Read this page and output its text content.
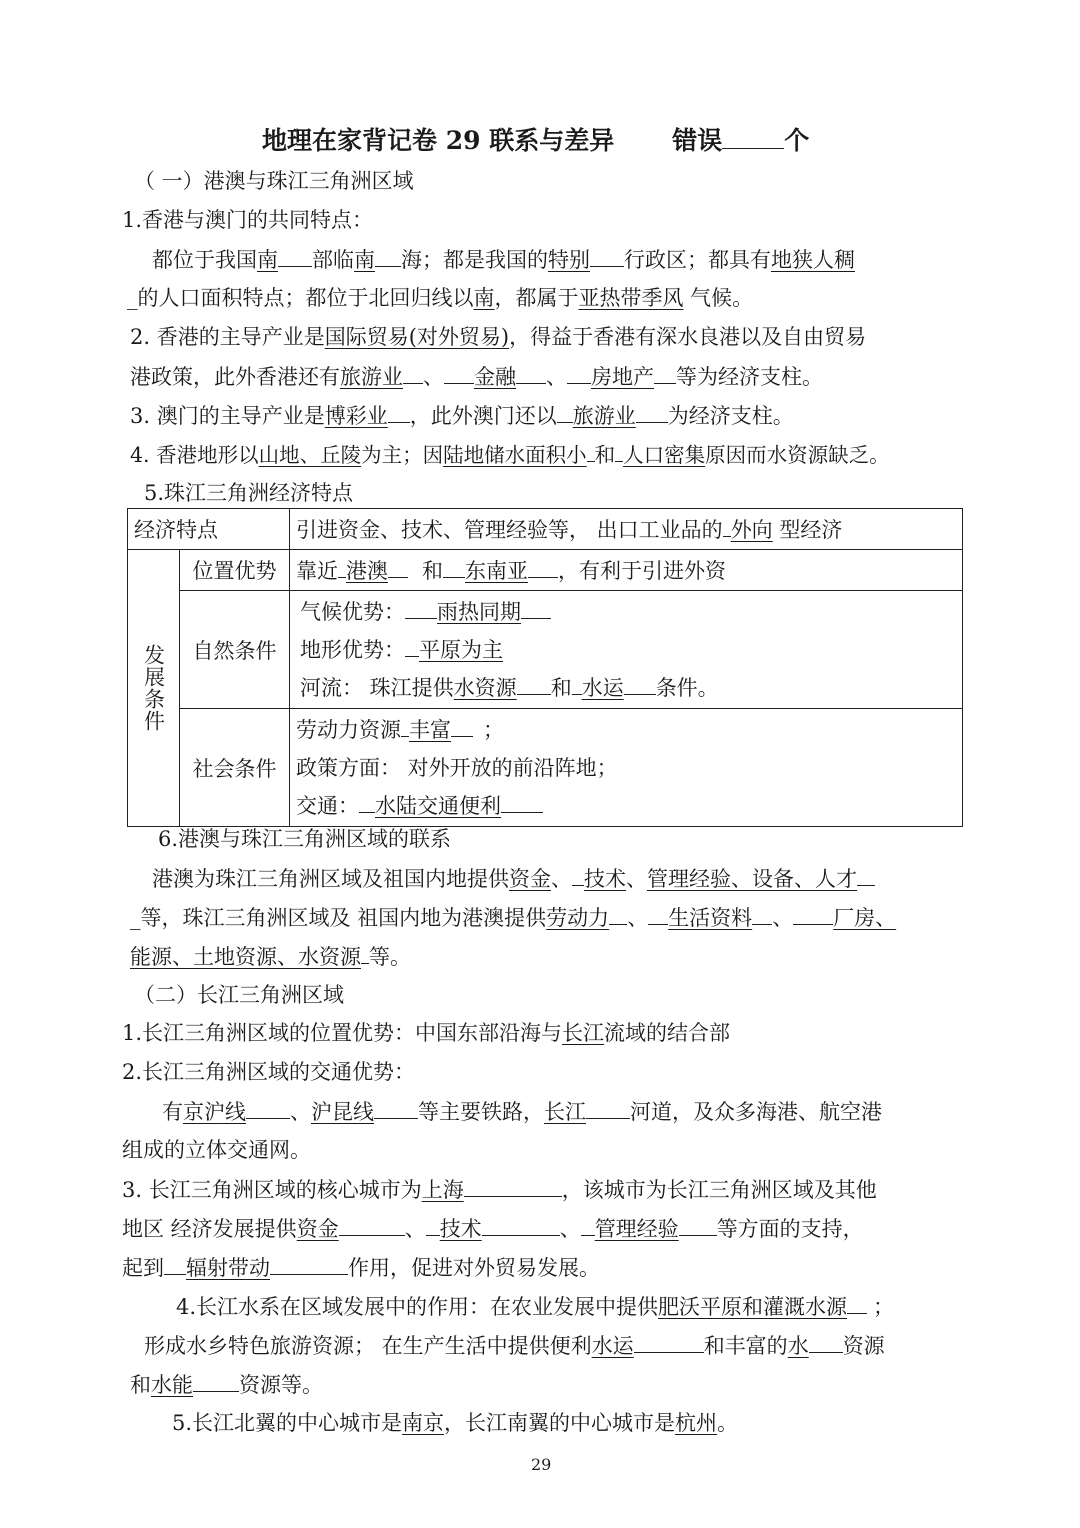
地理在家背记卷 29 联系与差异 错误 个
（ 一）港澳与珠江三角洲区域
1.香港与澳门的共同特点：
都位于我国南 部临南 海；都是我国的特别 行政区；都具有地狭人稠
_的人口面积特点；都位于北回归线以南，都属于亚热带季风 气候。
2. 香港的主导产业是国际贸易(对外贸易)，得益于香港有深水良港以及自由贸易
港政策，此外香港还有旅游业 、 金融 、 房地产 等为经济支柱。
3. 澳门的主导产业是博彩业 ，此外澳门还以 旅游业 为经济支柱。
4. 香港地形以山地、丘陵为主；因陆地储水面积小 和 人口密集原因而水资源缺乏。
5.珠江三角洲经济特点
经济特点		引进资金、技术、管理经验等， 出口工业品的 外向 型经济

发展条件	位置优势	靠近 港澳 和 东南亚 ，有利于引进外资
	自然条件	气候优势： 雨热同期
地形优势： 平原为主
河流： 珠江提供水资源 和 水运 条件。

	社会条件	劳动力资源 丰富 ；
政策方面： 对外开放的前沿阵地；
交通： 水陆交通便利
6.港澳与珠江三角洲区域的联系
港澳为珠江三角洲区域及祖国内地提供资金、 技术、管理经验、设备、人才
_等，珠江三角洲区域及 祖国内地为港澳提供劳动力 、 生活资料 、 厂房、
能源、土地资源、水资源 等。
（二）长江三角洲区域
1.长江三角洲区域的位置优势：中国东部沿海与长江流域的结合部
2.长江三角洲区域的交通优势：
有京沪线 、沪昆线 等主要铁路，长江 河道，及众多海港、航空港
组成的立体交通网。
3. 长江三角洲区域的核心城市为上海	，该城市为长江三角洲区域及其他
地区 经济发展提供资金	、 技术	、 管理经验 等方面的支持，
起到 辐射带动	作用，促进对外贸易发展。
4.长江水系在区域发展中的作用：在农业发展中提供肥沃平原和灌溉水源 ；
形成水乡特色旅游资源； 在生产生活中提供便利水运	和丰富的水 资源
和水能 资源等。
5.长江北翼的中心城市是南京，长江南翼的中心城市是杭州。
29
